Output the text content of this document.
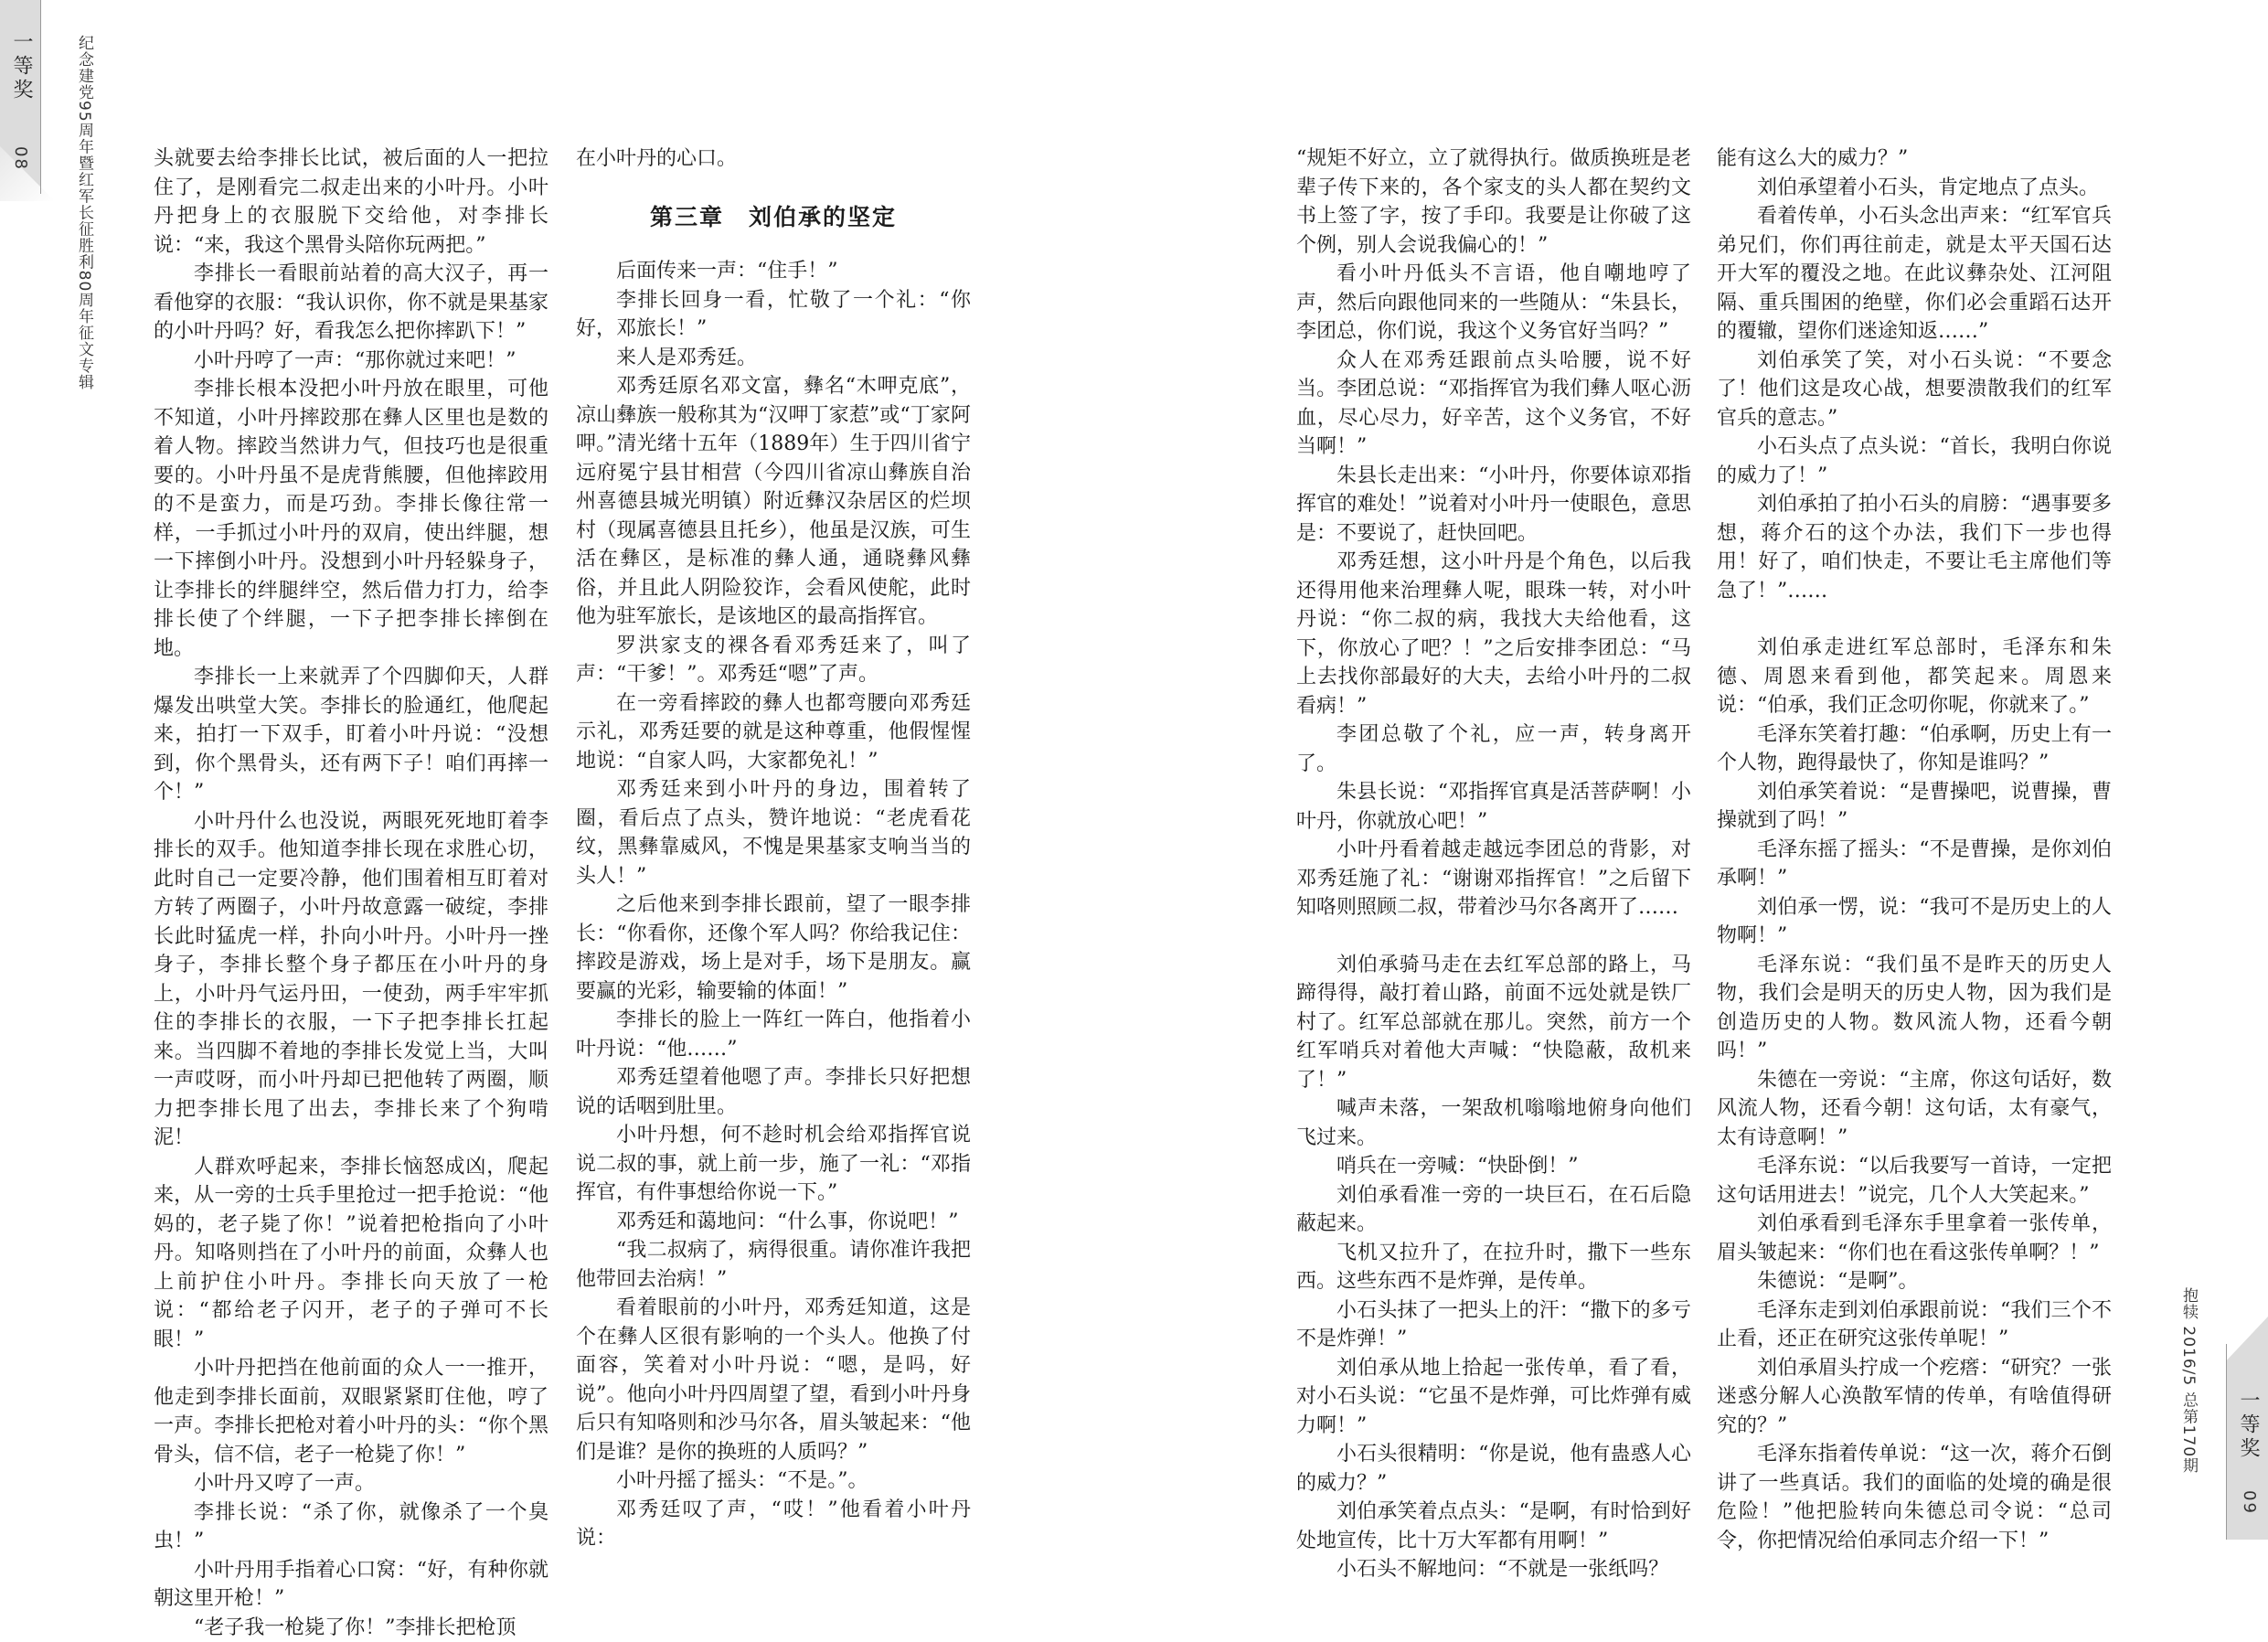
一等奖
08	纪念建党95周年暨红军长征胜利80周年征文专辑
一等奖
09
抱犊 2016/5 总第170期

头就要去给李排长比试，被后面的人一把拉住了，是刚看完二叔走出来的小叶丹。小叶丹把身上的衣服脱下交给他，对李排长说：“来，我这个黑骨头陪你玩两把。”

李排长一看眼前站着的高大汉子，再一看他穿的衣服：“我认识你，你不就是果基家的小叶丹吗？好，看我怎么把你摔趴下！”

小叶丹哼了一声：“那你就过来吧！”

李排长根本没把小叶丹放在眼里，可他不知道，小叶丹摔跤那在彝人区里也是数的着人物。摔跤当然讲力气，但技巧也是很重要的。小叶丹虽不是虎背熊腰，但他摔跤用的不是蛮力，而是巧劲。李排长像往常一样，一手抓过小叶丹的双肩，使出绊腿，想一下摔倒小叶丹。没想到小叶丹轻躲身子，让李排长的绊腿绊空，然后借力打力，给李排长使了个绊腿，一下子把李排长摔倒在地。

李排长一上来就弄了个四脚仰天，人群爆发出哄堂大笑。李排长的脸通红，他爬起来，拍打一下双手，盯着小叶丹说：“没想到，你个黑骨头，还有两下子！咱们再摔一个！”

小叶丹什么也没说，两眼死死地盯着李排长的双手。他知道李排长现在求胜心切，此时自己一定要冷静，他们围着相互盯着对方转了两圈子，小叶丹故意露一破绽，李排长此时猛虎一样，扑向小叶丹。小叶丹一挫身子，李排长整个身子都压在小叶丹的身上，小叶丹气运丹田，一使劲，两手牢牢抓住的李排长的衣服，一下子把李排长扛起来。当四脚不着地的李排长发觉上当，大叫一声哎呀，而小叶丹却已把他转了两圈，顺力把李排长甩了出去，李排长来了个狗啃泥！

人群欢呼起来，李排长恼怒成凶，爬起来，从一旁的士兵手里抢过一把手抢说：“他妈的，老子毙了你！”说着把枪指向了小叶丹。知咯则挡在了小叶丹的前面，众彝人也上前护住小叶丹。李排长向天放了一枪说：“都给老子闪开，老子的子弹可不长眼！”

小叶丹把挡在他前面的众人一一推开，他走到李排长面前，双眼紧紧盯住他，哼了一声。李排长把枪对着小叶丹的头：“你个黑骨头，信不信，老子一枪毙了你！”

小叶丹又哼了一声。

李排长说：“杀了你，就像杀了一个臭虫！”

小叶丹用手指着心口窝：“好，有种你就朝这里开枪！”

“老子我一枪毙了你！”李排长把枪顶

在小叶丹的心口。

第三章　刘伯承的坚定

后面传来一声：“住手！”

李排长回身一看，忙敬了一个礼：“你好，邓旅长！”

来人是邓秀廷。

邓秀廷原名邓文富，彝名“木呷克底”，凉山彝族一般称其为“汉呷丁家惹”或“丁家阿呷。”清光绪十五年（1889年）生于四川省宁远府冕宁县甘相营（今四川省凉山彝族自治州喜德县城光明镇）附近彝汉杂居区的烂坝村（现属喜德县且托乡），他虽是汉族，可生活在彝区，是标准的彝人通，通晓彝风彝俗，并且此人阴险狡诈，会看风使舵，此时他为驻军旅长，是该地区的最高指挥官。

罗洪家支的裸各看邓秀廷来了，叫了声：“干爹！”。邓秀廷“嗯”了声。

在一旁看摔跤的彝人也都弯腰向邓秀廷示礼，邓秀廷要的就是这种尊重，他假惺惺地说：“自家人吗，大家都免礼！”

邓秀廷来到小叶丹的身边，围着转了圈，看后点了点头，赞许地说：“老虎看花纹，黑彝靠威风，不愧是果基家支响当当的头人！”

之后他来到李排长跟前，望了一眼李排长：“你看你，还像个军人吗？你给我记住：摔跤是游戏，场上是对手，场下是朋友。赢要赢的光彩，输要输的体面！”

李排长的脸上一阵红一阵白，他指着小叶丹说：“他……”

邓秀廷望着他嗯了声。李排长只好把想说的话咽到肚里。

小叶丹想，何不趁时机会给邓指挥官说说二叔的事，就上前一步，施了一礼：“邓指挥官，有件事想给你说一下。”

邓秀廷和蔼地问：“什么事，你说吧！”

“我二叔病了，病得很重。请你准许我把他带回去治病！”

看着眼前的小叶丹，邓秀廷知道，这是个在彝人区很有影响的一个头人。他换了付面容，笑着对小叶丹说：“嗯，是吗，好说”。他向小叶丹四周望了望，看到小叶丹身后只有知咯则和沙马尔各，眉头皱起来：“他们是谁？是你的换班的人质吗？”

小叶丹摇了摇头：“不是。”。

邓秀廷叹了声，“哎！”他看着小叶丹说：

“规矩不好立，立了就得执行。做质换班是老辈子传下来的，各个家支的头人都在契约文书上签了字，按了手印。我要是让你破了这个例，别人会说我偏心的！”

看小叶丹低头不言语，他自嘲地哼了声，然后向跟他同来的一些随从：“朱县长，李团总，你们说，我这个义务官好当吗？”

众人在邓秀廷跟前点头哈腰，说不好当。李团总说：“邓指挥官为我们彝人呕心沥血，尽心尽力，好辛苦，这个义务官，不好当啊！”

朱县长走出来：“小叶丹，你要体谅邓指挥官的难处！”说着对小叶丹一使眼色，意思是：不要说了，赶快回吧。

邓秀廷想，这小叶丹是个角色，以后我还得用他来治理彝人呢，眼珠一转，对小叶丹说：“你二叔的病，我找大夫给他看，这下，你放心了吧？！”之后安排李团总：“马上去找你部最好的大夫，去给小叶丹的二叔看病！”

李团总敬了个礼，应一声，转身离开了。

朱县长说：“邓指挥官真是活菩萨啊！小叶丹，你就放心吧！”

小叶丹看着越走越远李团总的背影，对邓秀廷施了礼：“谢谢邓指挥官！”之后留下知咯则照顾二叔，带着沙马尔各离开了……

刘伯承骑马走在去红军总部的路上，马蹄得得，敲打着山路，前面不远处就是铁厂村了。红军总部就在那儿。突然，前方一个红军哨兵对着他大声喊：“快隐蔽，敌机来了！”

喊声未落，一架敌机嗡嗡地俯身向他们飞过来。

哨兵在一旁喊：“快卧倒！”

刘伯承看准一旁的一块巨石，在石后隐蔽起来。

飞机又拉升了，在拉升时，撒下一些东西。这些东西不是炸弹，是传单。

小石头抹了一把头上的汗：“撒下的多亏不是炸弹！”

刘伯承从地上拾起一张传单，看了看，对小石头说：“它虽不是炸弹，可比炸弹有威力啊！”

小石头很精明：“你是说，他有蛊惑人心的威力？”

刘伯承笑着点点头：“是啊，有时恰到好处地宣传，比十万大军都有用啊！”

小石头不解地问：“不就是一张纸吗？

能有这么大的威力？”

刘伯承望着小石头，肯定地点了点头。

看着传单，小石头念出声来：“红军官兵弟兄们，你们再往前走，就是太平天国石达开大军的覆没之地。在此议彝杂处、江河阻隔、重兵围困的绝壁，你们必会重蹈石达开的覆辙，望你们迷途知返……”

刘伯承笑了笑，对小石头说：“不要念了！他们这是攻心战，想要溃散我们的红军官兵的意志。”

小石头点了点头说：“首长，我明白你说的威力了！”

刘伯承拍了拍小石头的肩膀：“遇事要多想，蒋介石的这个办法，我们下一步也得用！好了，咱们快走，不要让毛主席他们等急了！”……

刘伯承走进红军总部时，毛泽东和朱德、周恩来看到他，都笑起来。周恩来说：“伯承，我们正念叨你呢，你就来了。”

毛泽东笑着打趣：“伯承啊，历史上有一个人物，跑得最快了，你知是谁吗？”

刘伯承笑着说：“是曹操吧，说曹操，曹操就到了吗！”

毛泽东摇了摇头：“不是曹操，是你刘伯承啊！”

刘伯承一愣，说：“我可不是历史上的人物啊！”

毛泽东说：“我们虽不是昨天的历史人物，我们会是明天的历史人物，因为我们是创造历史的人物。数风流人物，还看今朝吗！”

朱德在一旁说：“主席，你这句话好，数风流人物，还看今朝！这句话，太有豪气，太有诗意啊！”

毛泽东说：“以后我要写一首诗，一定把这句话用进去！”说完，几个人大笑起来。”

刘伯承看到毛泽东手里拿着一张传单，眉头皱起来：“你们也在看这张传单啊？！”

朱德说：“是啊”。

毛泽东走到刘伯承跟前说：“我们三个不止看，还正在研究这张传单呢！”

刘伯承眉头拧成一个疙瘩：“研究？一张迷惑分解人心涣散军情的传单，有啥值得研究的？”

毛泽东指着传单说：“这一次，蒋介石倒讲了一些真话。我们的面临的处境的确是很危险！”他把脸转向朱德总司令说：“总司令，你把情况给伯承同志介绍一下！”
